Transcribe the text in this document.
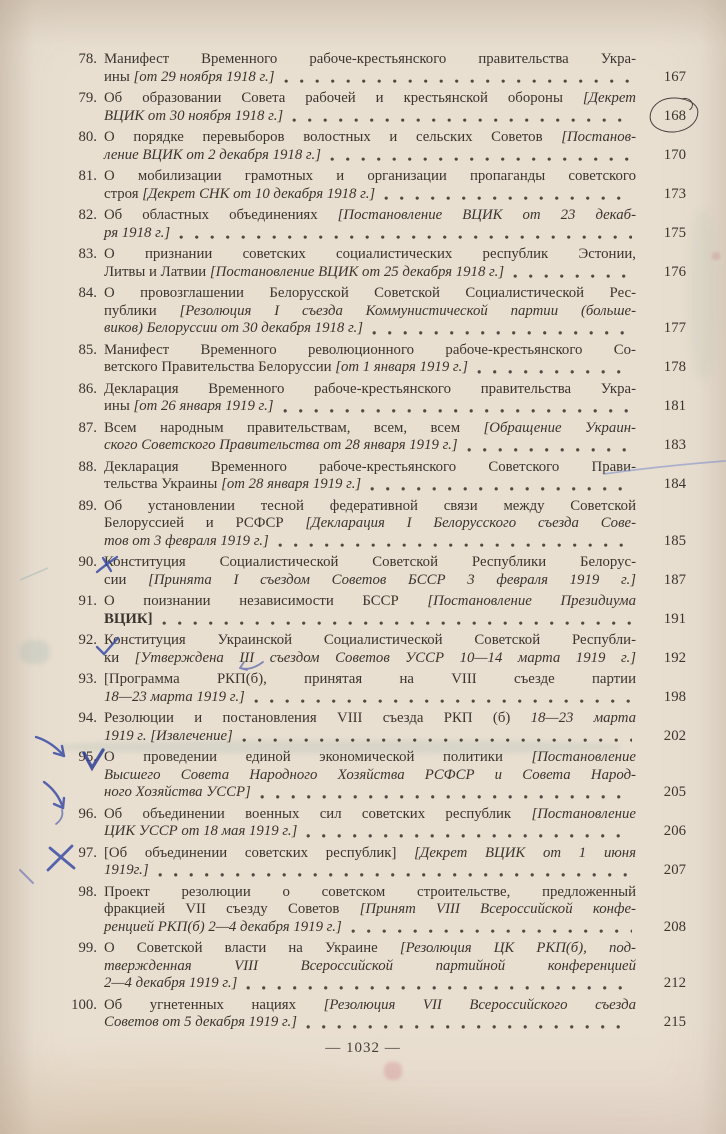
78. Манифест Временного рабоче-крестьянского правительства Укра-
ины [от 29 ноября 1918 г.]	167
79. Об образовании Совета рабочей и крестьянской обороны [Декрет
ВЦИК от 30 ноября 1918 г.]	168
80. О порядке перевыборов волостных и сельских Советов [Постанов-
ление ВЦИК от 2 декабря 1918 г.]	170
81. О мобилизации грамотных и организации пропаганды советского
строя [Декрет СНК от 10 декабря 1918 г.]	173
82. Об областных объединениях [Постановление ВЦИК от 23 декаб-
ря 1918 г.]	175
83. О признании советских социалистических республик Эстонии,
Литвы и Латвии [Постановление ВЦИК от 25 декабря 1918 г.]	176
84. О провозглашении Белорусской Советской Социалистической Рес-
публики [Резолюция I съезда Коммунистической партии (больше-
виков) Белоруссии от 30 декабря 1918 г.]	177
85. Манифест Временного революционного рабоче-крестьянского Со-
ветского Правительства Белоруссии [от 1 января 1919 г.]	178
86. Декларация Временного рабоче-крестьянского правительства Укра-
ины [от 26 января 1919 г.]	181
87. Всем народным правительствам, всем, всем [Обращение Украин-
ского Советского Правительства от 28 января 1919 г.]	183
88. Декларация Временного рабоче-крестьянского Советского Прави-
тельства Украины [от 28 января 1919 г.]	184
89. Об установлении тесной федеративной связи между Советской
Белоруссией и РСФСР [Декларация I Белорусского съезда Сове-
тов от 3 февраля 1919 г.]	185
90. Конституция Социалистической Советской Республики Белорус-
сии [Принята I съездом Советов БССР 3 февраля 1919 г.]	187
91. О поизнании независимости БССР [Постановление Президиума
ВЦИК]	191
92. Конституция Украинской Социалистической Советской Республи-
ки [Утверждена III съездом Советов УССР 10—14 марта 1919 г.]	192
93. [Программа РКП(б), принятая на VIII съезде партии
18—23 марта 1919 г.]	198
94. Резолюции и постановления VIII съезда РКП (б) 18—23 марта
1919 г. [Извлечение]	202
95. О проведении единой экономической политики [Постановление
Высшего Совета Народного Хозяйства РСФСР и Совета Народ-
ного Хозяйства УССР]	205
96. Об объединении военных сил советских республик [Постановление
ЦИК УССР от 18 мая 1919 г.]	206
97. [Об объединении советских республик] [Декрет ВЦИК от 1 июня
1919г.]	207
98. Проект резолюции о советском строительстве, предложенный
фракцией VII съезду Советов [Принят VIII Всероссийской конфе-
ренцией РКП(б) 2—4 декабря 1919 г.]	208
99. О Советской власти на Украине [Резолюция ЦК РКП(б), под-
твержденная VIII Всероссийской партийной конференцией
2—4 декабря 1919 г.]	212
100. Об угнетенных нациях [Резолюция VII Всероссийского съезда
Советов от 5 декабря 1919 г.]	215
— 1032 —
